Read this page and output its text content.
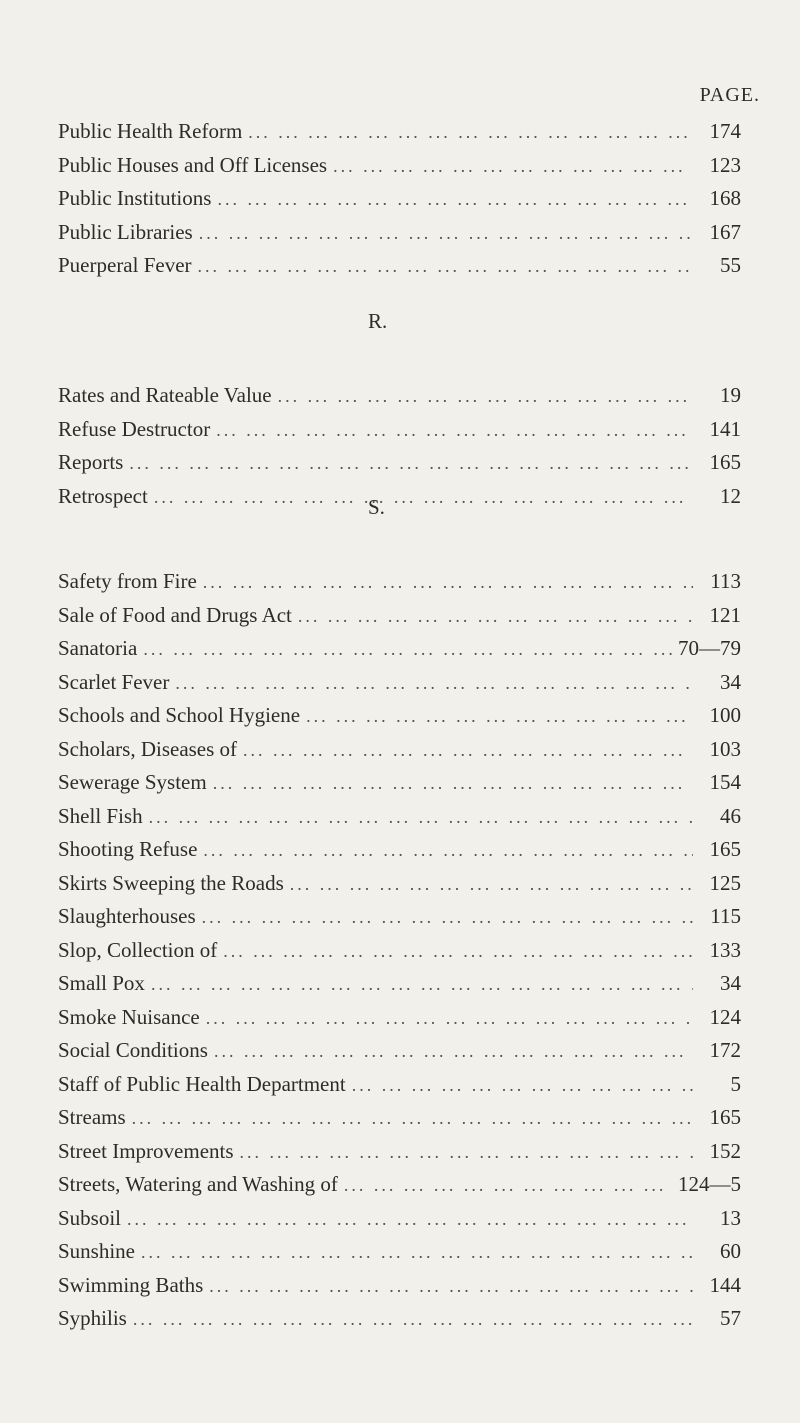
PAGE.
Public Health Reform ...	174
Public Houses and Off Licenses ...	123
Public Institutions ...	168
Public Libraries ...	167
Puerperal Fever ...	55
R.
Rates and Rateable Value ...	19
Refuse Destructor ...	141
Reports ...	165
Retrospect ...	12
S.
Safety from Fire ...	113
Sale of Food and Drugs Act ...	121
Sanatoria ...	70—79
Scarlet Fever ...	34
Schools and School Hygiene ...	100
Scholars, Diseases of ...	103
Sewerage System ...	154
Shell Fish ...	46
Shooting Refuse ...	165
Skirts Sweeping the Roads ...	125
Slaughterhouses ...	115
Slop, Collection of ...	133
Small Pox ...	34
Smoke Nuisance ...	124
Social Conditions ...	172
Staff of Public Health Department ...	5
Streams ...	165
Street Improvements ...	152
Streets, Watering and Washing of ...	124—5
Subsoil ...	13
Sunshine ...	60
Swimming Baths ...	144
Syphilis ...	57
